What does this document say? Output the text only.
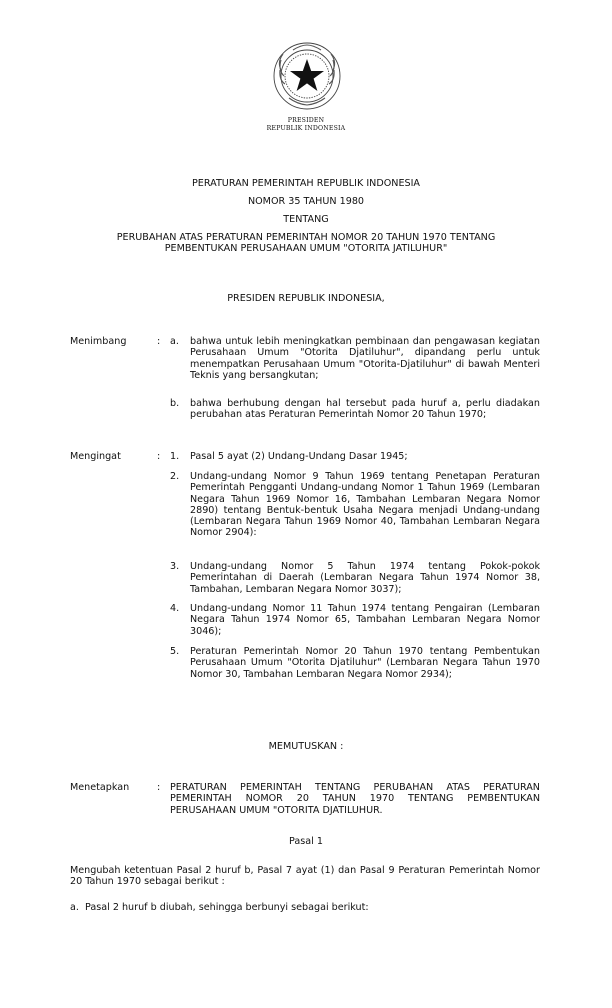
PRESIDEN
REPUBLIK INDONESIA
PERATURAN PEMERINTAH REPUBLIK INDONESIA
NOMOR 35 TAHUN 1980
TENTANG
PERUBAHAN ATAS PERATURAN PEMERINTAH NOMOR 20 TAHUN 1970 TENTANG
PEMBENTUKAN PERUSAHAAN UMUM "OTORITA JATILUHUR"
PRESIDEN REPUBLIK INDONESIA,
Menimbang	: a. bahwa untuk lebih meningkatkan pembinaan dan pengawasan kegiatan Perusahaan Umum "Otorita Djatiluhur", dipandang perlu untuk menempatkan Perusahaan Umum "Otorita-Djatiluhur" di bawah Menteri Teknis yang bersangkutan;
b. bahwa berhubung dengan hal tersebut pada huruf a, perlu diadakan perubahan atas Peraturan Pemerintah Nomor 20 Tahun 1970;
Mengingat	: 1. Pasal 5 ayat (2) Undang-Undang Dasar 1945;
2. Undang-undang Nomor 9 Tahun 1969 tentang Penetapan Peraturan Pemerintah Pengganti Undang-undang Nomor 1 Tahun 1969 (Lembaran Negara Tahun 1969 Nomor 16, Tambahan Lembaran Negara Nomor 2890) tentang Bentuk-bentuk Usaha Negara menjadi Undang-undang (Lembaran Negara Tahun 1969 Nomor 40, Tambahan Lembaran Negara Nomor 2904):
3. Undang-undang Nomor 5 Tahun 1974 tentang Pokok-pokok Pemerintahan di Daerah (Lembaran Negara Tahun 1974 Nomor 38, Tambahan, Lembaran Negara Nomor 3037);
4. Undang-undang Nomor 11 Tahun 1974 tentang Pengairan (Lembaran Negara Tahun 1974 Nomor 65, Tambahan Lembaran Negara Nomor 3046);
5. Peraturan Pemerintah Nomor 20 Tahun 1970 tentang Pembentukan Perusahaan Umum "Otorita Djatiluhur" (Lembaran Negara Tahun 1970 Nomor 30, Tambahan Lembaran Negara Nomor 2934);
MEMUTUSKAN :
Menetapkan	: PERATURAN PEMERINTAH TENTANG PERUBAHAN ATAS PERATURAN PEMERINTAH NOMOR 20 TAHUN 1970 TENTANG PEMBENTUKAN PERUSAHAAN UMUM "OTORITA DJATILUHUR.
Pasal 1
Mengubah ketentuan Pasal 2 huruf b, Pasal 7 ayat (1) dan Pasal 9 Peraturan Pemerintah Nomor 20 Tahun 1970 sebagai berikut :
a. Pasal 2 huruf b diubah, sehingga berbunyi sebagai berikut:
